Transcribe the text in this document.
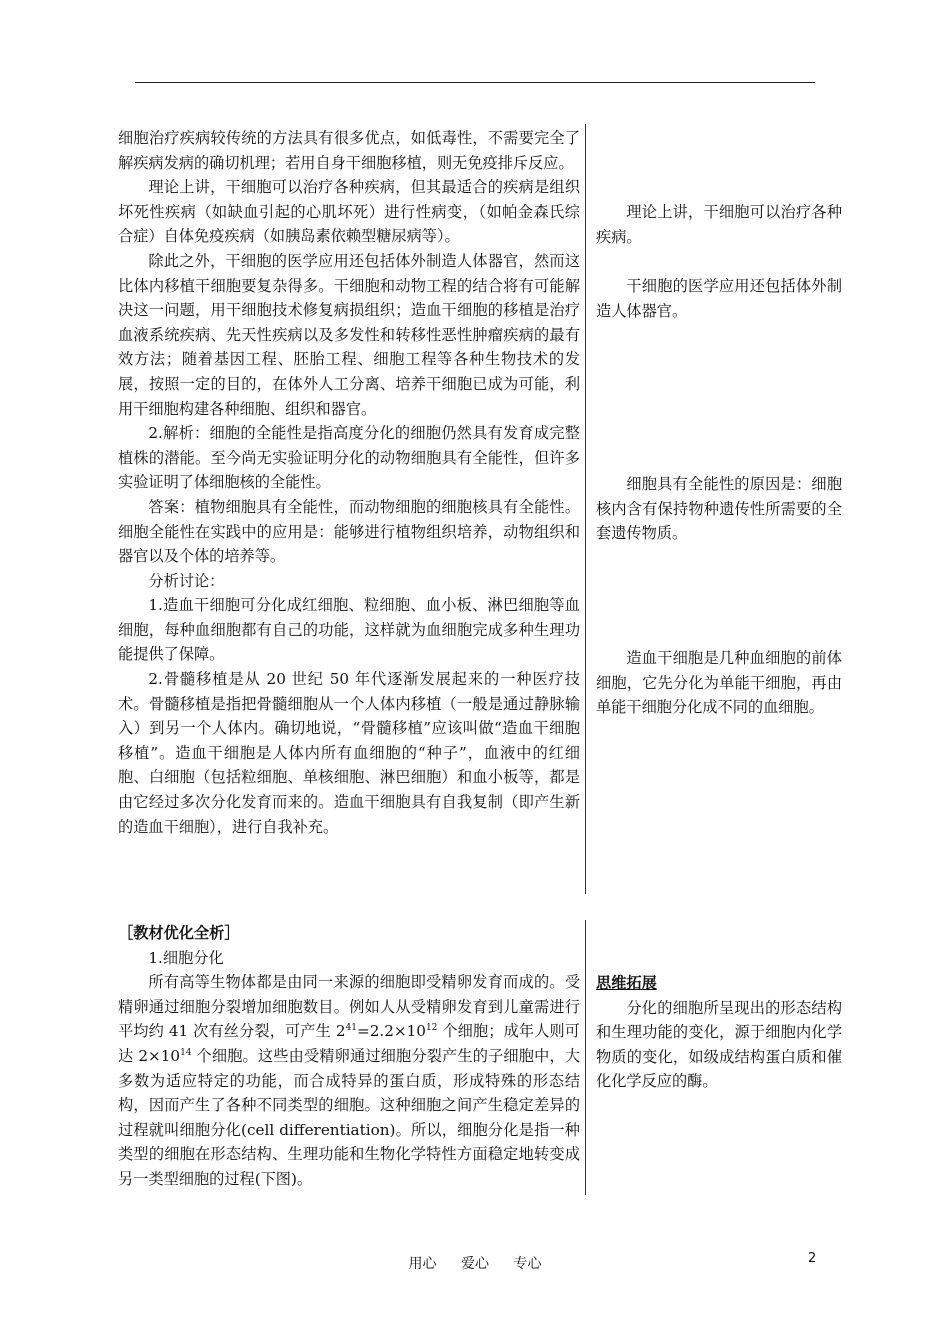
细胞治疗疾病较传统的方法具有很多优点，如低毒性，不需要完全了解疾病发病的确切机理；若用自身干细胞移植，则无免疫排斥反应。

理论上讲，干细胞可以治疗各种疾病，但其最适合的疾病是组织坏死性疾病（如缺血引起的心肌坏死）进行性病变，（如帕金森氏综合症）自体免疫疾病（如胰岛素依赖型糖尿病等）。

除此之外，干细胞的医学应用还包括体外制造人体器官，然而这比体内移植干细胞要复杂得多。干细胞和动物工程的结合将有可能解决这一问题，用干细胞技术修复病损组织；造血干细胞的移植是治疗血液系统疾病、先天性疾病以及多发性和转移性恶性肿瘤疾病的最有效方法；随着基因工程、胚胎工程、细胞工程等各种生物技术的发展，按照一定的目的，在体外人工分离、培养干细胞已成为可能，利用干细胞构建各种细胞、组织和器官。

2.解析：细胞的全能性是指高度分化的细胞仍然具有发育成完整植株的潜能。至今尚无实验证明分化的动物细胞具有全能性，但许多实验证明了体细胞核的全能性。

答案：植物细胞具有全能性，而动物细胞的细胞核具有全能性。细胞全能性在实践中的应用是：能够进行植物组织培养，动物组织和器官以及个体的培养等。

分析讨论：

1.造血干细胞可分化成红细胞、粒细胞、血小板、淋巴细胞等血细胞，每种血细胞都有自己的功能，这样就为血细胞完成多种生理功能提供了保障。

2.骨髓移植是从 20 世纪 50 年代逐渐发展起来的一种医疗技术。骨髓移植是指把骨髓细胞从一个人体内移植（一般是通过静脉输入）到另一个人体内。确切地说，“骨髓移植”应该叫做“造血干细胞移植”。造血干细胞是人体内所有血细胞的“种子”，血液中的红细胞、白细胞（包括粒细胞、单核细胞、淋巴细胞）和血小板等，都是由它经过多次分化发育而来的。造血干细胞具有自我复制（即产生新的造血干细胞），进行自我补充。

理论上讲，干细胞可以治疗各种疾病。

干细胞的医学应用还包括体外制造人体器官。

细胞具有全能性的原因是：细胞核内含有保持物种遗传性所需要的全套遗传物质。

造血干细胞是几种血细胞的前体细胞，它先分化为单能干细胞，再由单能干细胞分化成不同的血细胞。

［教材优化全析］

1.细胞分化

所有高等生物体都是由同一来源的细胞即受精卵发育而成的。受精卵通过细胞分裂增加细胞数目。例如人从受精卵发育到儿童需进行平均约 41 次有丝分裂，可产生 $2^{41}=2.2\times 10^{12}$ 个细胞；成年人则可达 $2\times 10^{14}$ 个细胞。这些由受精卵通过细胞分裂产生的子细胞中，大多数为适应特定的功能，而合成特异的蛋白质，形成特殊的形态结构，因而产生了各种不同类型的细胞。这种细胞之间产生稳定差异的过程就叫细胞分化(cell differentiation)。所以，细胞分化是指一种类型的细胞在形态结构、生理功能和生物化学特性方面稳定地转变成另一类型细胞的过程(下图)。

思维拓展

分化的细胞所呈现出的形态结构和生理功能的变化，源于细胞内化学物质的变化，如级成结构蛋白质和催化化学反应的酶。

用心 爱心 专心	2
